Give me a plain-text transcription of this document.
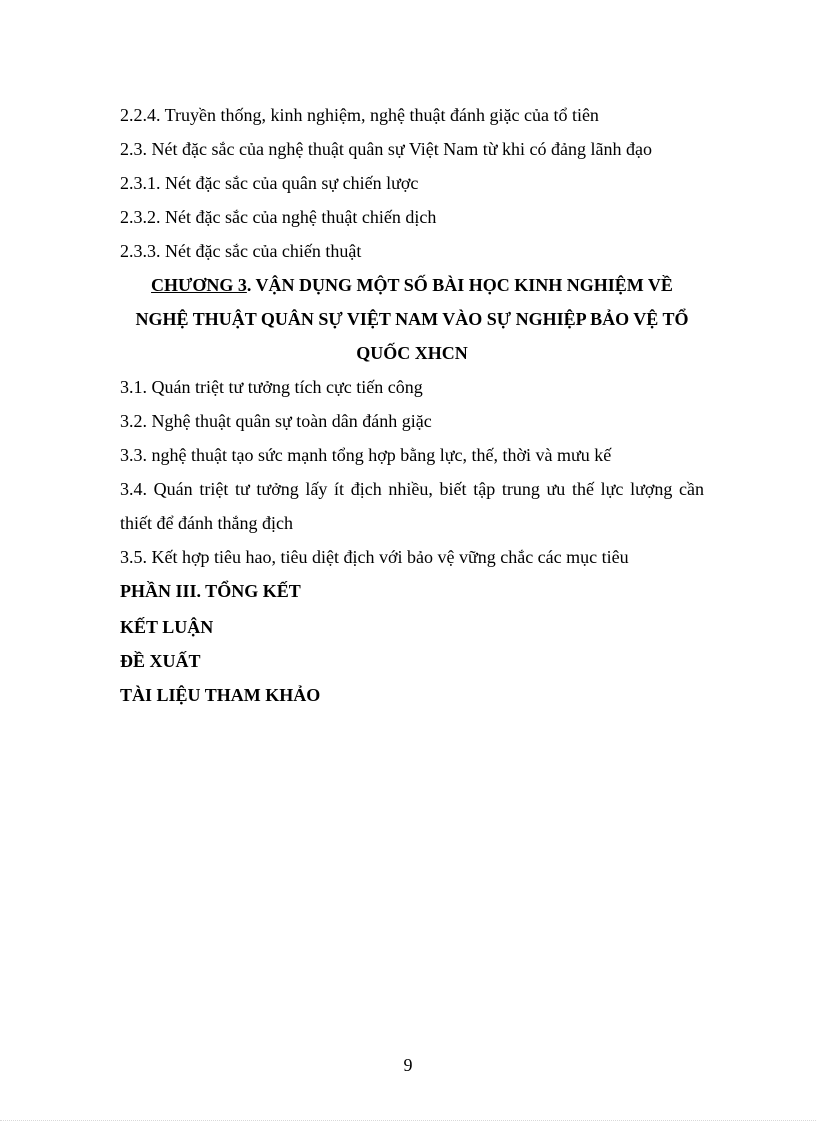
2.2.4. Truyền thống, kinh nghiệm, nghệ thuật đánh giặc của tổ tiên
2.3. Nét đặc sắc của nghệ thuật quân sự Việt Nam từ khi có đảng lãnh đạo
2.3.1. Nét đặc sắc của quân sự chiến lược
2.3.2. Nét đặc sắc của nghệ thuật chiến dịch
2.3.3. Nét đặc sắc của chiến thuật
CHƯƠNG 3. VẬN DỤNG MỘT SỐ BÀI HỌC KINH NGHIỆM VỀ
NGHỆ THUẬT QUÂN SỰ VIỆT NAM VÀO SỰ NGHIỆP BẢO VỆ TỔ
QUỐC XHCN
3.1. Quán triệt tư tưởng tích cực tiến công
3.2. Nghệ thuật quân sự toàn dân đánh giặc
3.3. nghệ thuật tạo sức mạnh tổng hợp bằng lực, thế, thời và mưu kế
3.4. Quán triệt tư tưởng lấy ít địch nhiều, biết tập trung ưu thế lực lượng cần thiết để đánh thắng địch
3.5. Kết hợp tiêu hao, tiêu diệt địch với bảo vệ vững chắc các mục tiêu
PHẦN III. TỔNG KẾT
KẾT LUẬN
ĐỀ XUẤT
TÀI LIỆU THAM KHẢO
9
